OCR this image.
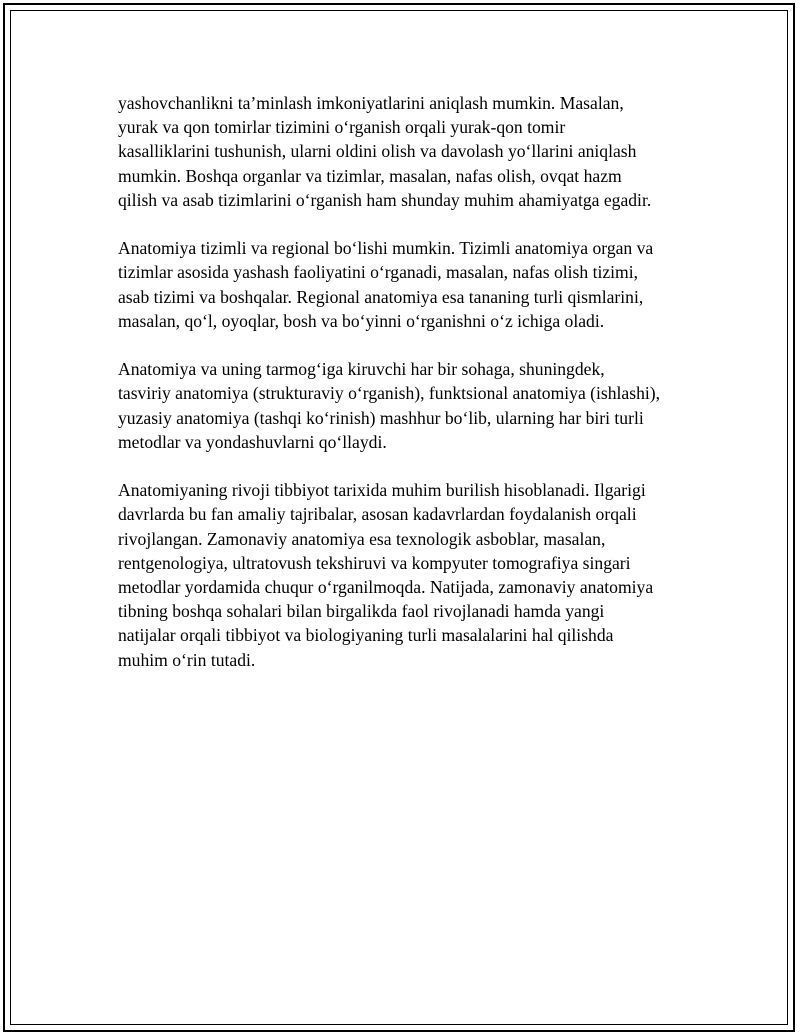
yashovchanlikni ta’minlash imkoniyatlarini aniqlash mumkin. Masalan,
yurak va qon tomirlar tizimini o‘rganish orqali yurak-qon tomir
kasalliklarini tushunish, ularni oldini olish va davolash yo‘llarini aniqlash
mumkin. Boshqa organlar va tizimlar, masalan, nafas olish, ovqat hazm
qilish va asab tizimlarini o‘rganish ham shunday muhim ahamiyatga egadir.

Anatomiya tizimli va regional bo‘lishi mumkin. Tizimli anatomiya organ va
tizimlar asosida yashash faoliyatini o‘rganadi, masalan, nafas olish tizimi,
asab tizimi va boshqalar. Regional anatomiya esa tananing turli qismlarini,
masalan, qo‘l, oyoqlar, bosh va bo‘yinni o‘rganishni o‘z ichiga oladi.

Anatomiya va uning tarmog‘iga kiruvchi har bir sohaga, shuningdek,
tasviriy anatomiya (strukturaviy o‘rganish), funktsional anatomiya (ishlashi),
yuzasiy anatomiya (tashqi ko‘rinish) mashhur bo‘lib, ularning har biri turli
metodlar va yondashuvlarni qo‘llaydi.

Anatomiyaning rivoji tibbiyot tarixida muhim burilish hisoblanadi. Ilgarigi
davrlarda bu fan amaliy tajribalar, asosan kadavrlardan foydalanish orqali
rivojlangan. Zamonaviy anatomiya esa texnologik asboblar, masalan,
rentgenologiya, ultratovush tekshiruvi va kompyuter tomografiya singari
metodlar yordamida chuqur o‘rganilmoqda. Natijada, zamonaviy anatomiya
tibning boshqa sohalari bilan birgalikda faol rivojlanadi hamda yangi
natijalar orqali tibbiyot va biologiyaning turli masalalarini hal qilishda
muhim o‘rin tutadi.
